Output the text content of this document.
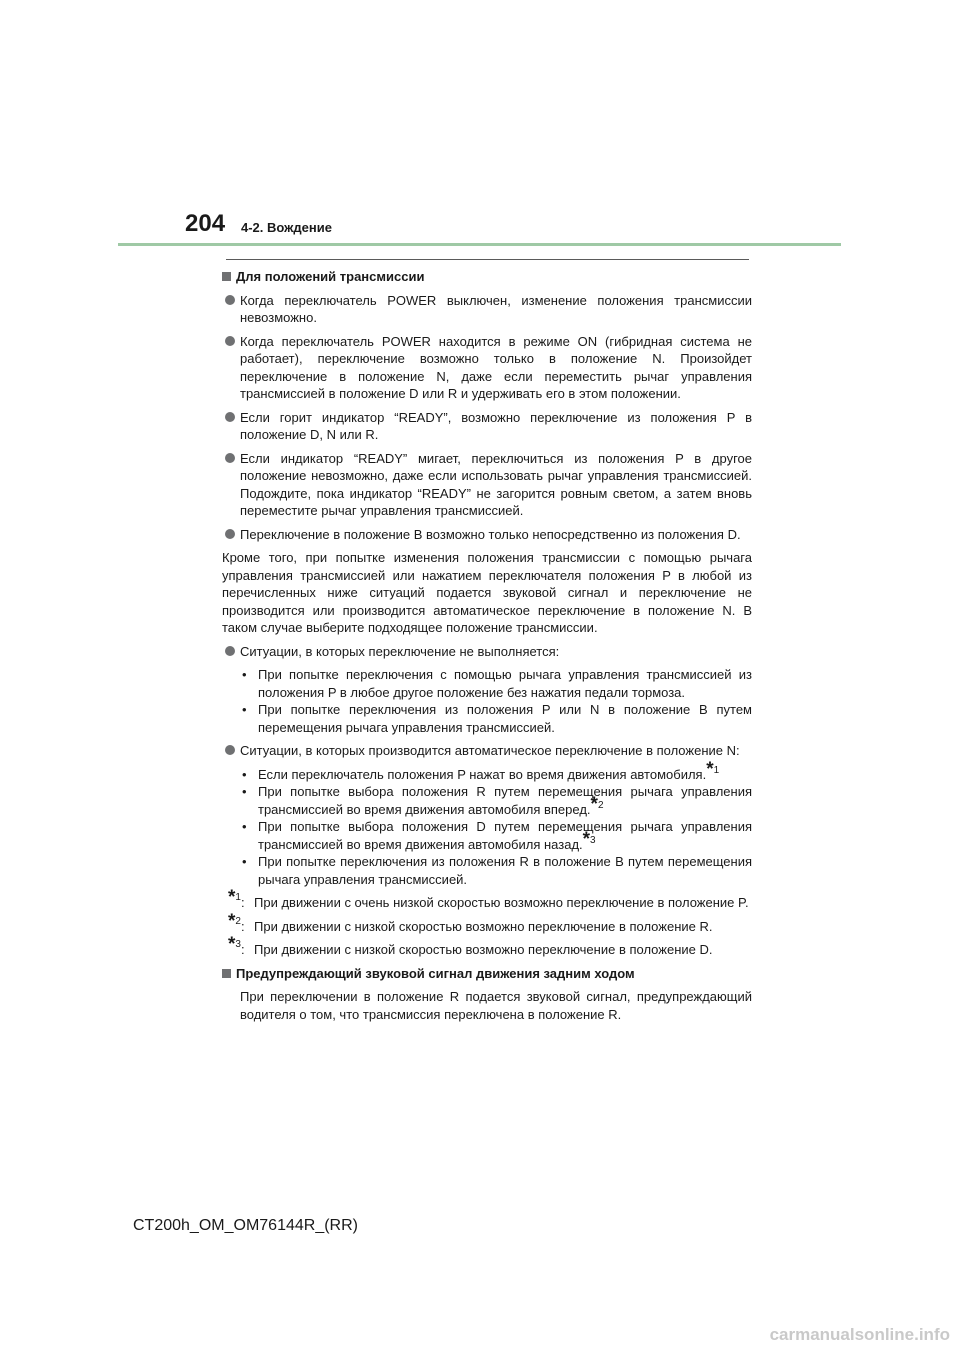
204 4-2. Вождение
Для положений трансмиссии
Когда переключатель POWER выключен, изменение положения трансмиссии невозможно.
Когда переключатель POWER находится в режиме ON (гибридная система не работает), переключение возможно только в положение N. Произойдет переключение в положение N, даже если переместить рычаг управления трансмиссией в положение D или R и удерживать его в этом положении.
Если горит индикатор “READY”, возможно переключение из положения P в положение D, N или R.
Если индикатор “READY” мигает, переключиться из положения P в другое положение невозможно, даже если использовать рычаг управления трансмиссией. Подождите, пока индикатор “READY” не загорится ровным светом, а затем вновь переместите рычаг управления трансмиссией.
Переключение в положение B возможно только непосредственно из положения D.
Кроме того, при попытке изменения положения трансмиссии с помощью рычага управления трансмиссией или нажатием переключателя положения P в любой из перечисленных ниже ситуаций подается звуковой сигнал и переключение не производится или производится автоматическое переключение в положение N. В таком случае выберите подходящее положение трансмиссии.
Ситуации, в которых переключение не выполняется:
• При попытке переключения с помощью рычага управления трансмиссией из положения P в любое другое положение без нажатия педали тормоза.
• При попытке переключения из положения P или N в положение B путем перемещения рычага управления трансмиссией.
Ситуации, в которых производится автоматическое переключение в положение N:
• Если переключатель положения P нажат во время движения автомобиля.*$^1$
• При попытке выбора положения R путем перемещения рычага управления трансмиссией во время движения автомобиля вперед.*$^2$
• При попытке выбора положения D путем перемещения рычага управления трансмиссией во время движения автомобиля назад.*$^3$
• При попытке переключения из положения R в положение B путем перемещения рычага управления трансмиссией.
*$^1$: При движении с очень низкой скоростью возможно переключение в положение P.
*$^2$: При движении с низкой скоростью возможно переключение в положение R.
*$^3$: При движении с низкой скоростью возможно переключение в положение D.
Предупреждающий звуковой сигнал движения задним ходом
При переключении в положение R подается звуковой сигнал, предупреждающий водителя о том, что трансмиссия переключена в положение R.
CT200h_OM_OM76144R_(RR)
carmanualsonline.info
